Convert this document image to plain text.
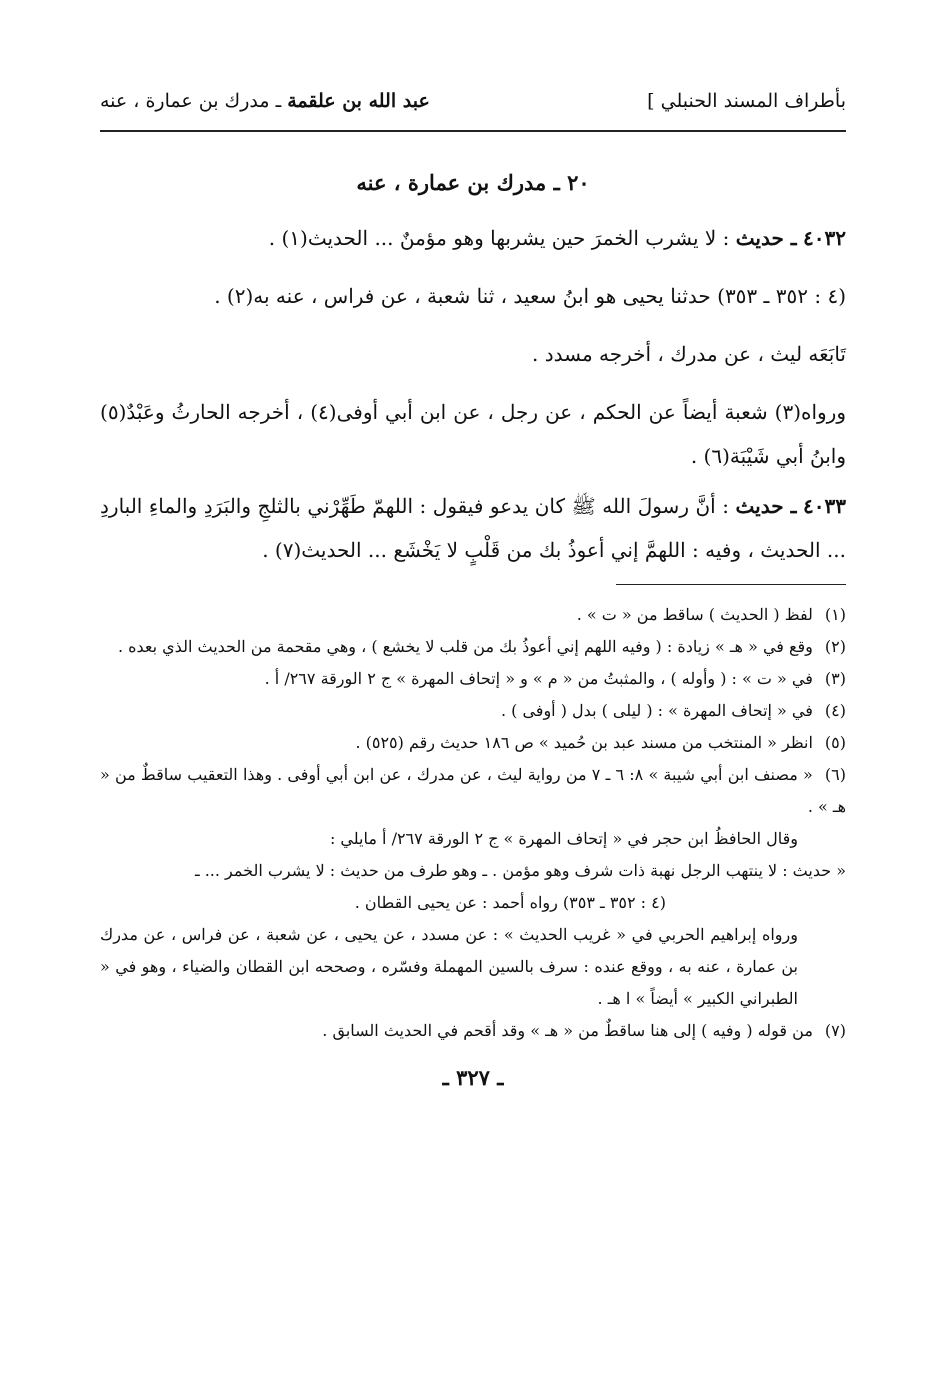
بأطراف المسند الحنبلي ]
عبد الله بن علقمة ـ مدرك بن عمارة ، عنه
٢٠ ـ مدرك بن عمارة ، عنه

٤٠٣٢ ـ حديث : لا يشرب الخمرَ حين يشربها وهو مؤمنٌ ... الحديث(١) .

(٤ : ٣٥٢ ـ ٣٥٣) حدثنا يحيى هو ابنُ سعيد ، ثنا شعبة ، عن فراس ، عنه به(٢) .

تَابَعَه ليث ، عن مدرك ، أخرجه مسدد .

ورواه(٣) شعبة أيضاً عن الحكم ، عن رجل ، عن ابن أبي أوفى(٤) ، أخرجه الحارثُ وعَبْدٌ(٥) وابنُ أبي شَيْبَة(٦) .

٤٠٣٣ ـ حديث : أنَّ رسولَ الله ﷺ كان يدعو فيقول : اللهمّ طَهِّرْني بالثلجِ والبَرَدِ والماءِ الباردِ ... الحديث ، وفيه : اللهمَّ إني أعوذُ بك من قَلْبٍ لا يَخْشَع ... الحديث(٧) .

(١) لفظ ( الحديث ) ساقط من « ت » .

(٢) وقع في « هـ » زيادة : ( وفيه اللهم إني أعوذُ بك من قلب لا يخشع ) ، وهي مقحمة من الحديث الذي بعده .

(٣) في « ت » : ( وأوله ) ، والمثبتُ من « م » و « إتحاف المهرة » ج ٢ الورقة ٢٦٧/ أ .

(٤) في « إتحاف المهرة » : ( ليلى ) بدل ( أوفى ) .

(٥) انظر « المنتخب من مسند عبد بن حُميد » ص ١٨٦ حديث رقم (٥٢٥) .

(٦) « مصنف ابن أبي شيبة » ٨: ٦ ـ ٧ من رواية ليث ، عن مدرك ، عن ابن أبي أوفى . وهذا التعقيب ساقطٌ من « هـ » .

وقال الحافظُ ابن حجر في « إتحاف المهرة » ج ٢ الورقة ٢٦٧/ أ مايلي :

« حديث : لا ينتهب الرجل نهبة ذات شرف وهو مؤمن . ـ وهو طرف من حديث : لا يشرب الخمر ... ـ

(٤ : ٣٥٢ ـ ٣٥٣) رواه أحمد : عن يحيى القطان .

ورواه إبراهيم الحربي في « غريب الحديث » : عن مسدد ، عن يحيى ، عن شعبة ، عن فراس ، عن مدرك بن عمارة ، عنه به ، ووقع عنده : سرف بالسين المهملة وفسّره ، وصححه ابن القطان والضياء ، وهو في « الطبراني الكبير » أيضاً » ا هـ .

(٧) من قوله ( وفيه ) إلى هنا ساقطٌ من « هـ » وقد أقحم في الحديث السابق .

ـ ٣٢٧ ـ
